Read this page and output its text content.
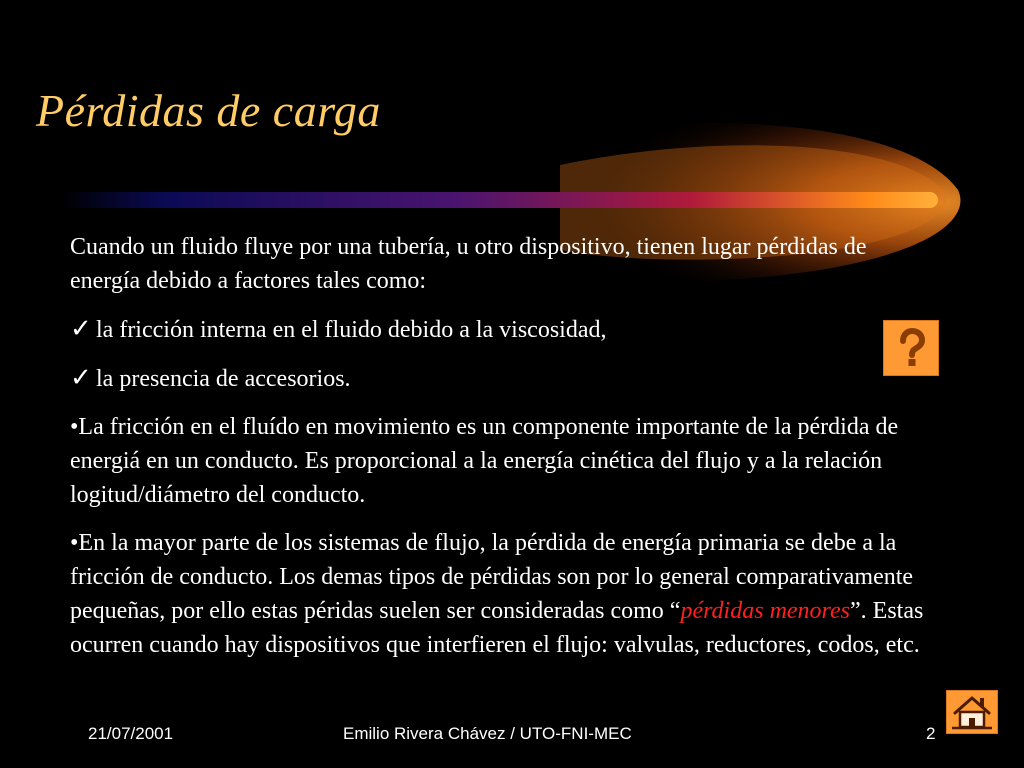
Pérdidas de carga

Cuando un fluido fluye por una tubería, u otro dispositivo, tienen lugar pérdidas de energía debido a factores tales como:

✓ la fricción interna en el fluido debido a la viscosidad,

✓ la presencia de accesorios.

•La fricción en el fluído en movimiento es un componente importante de la pérdida de energiá en un conducto. Es proporcional a la energía cinética del flujo y a la relación logitud/diámetro del conducto.

•En la mayor parte de los sistemas de flujo, la pérdida de energía primaria se debe a la fricción de conducto. Los demas tipos de pérdidas son por lo general comparativamente pequeñas, por ello estas péridas suelen ser consideradas como “pérdidas menores”. Estas ocurren cuando hay dispositivos que interfieren el flujo: valvulas, reductores, codos, etc.

21/07/2001	Emilio Rivera Chávez / UTO-FNI-MEC	2
